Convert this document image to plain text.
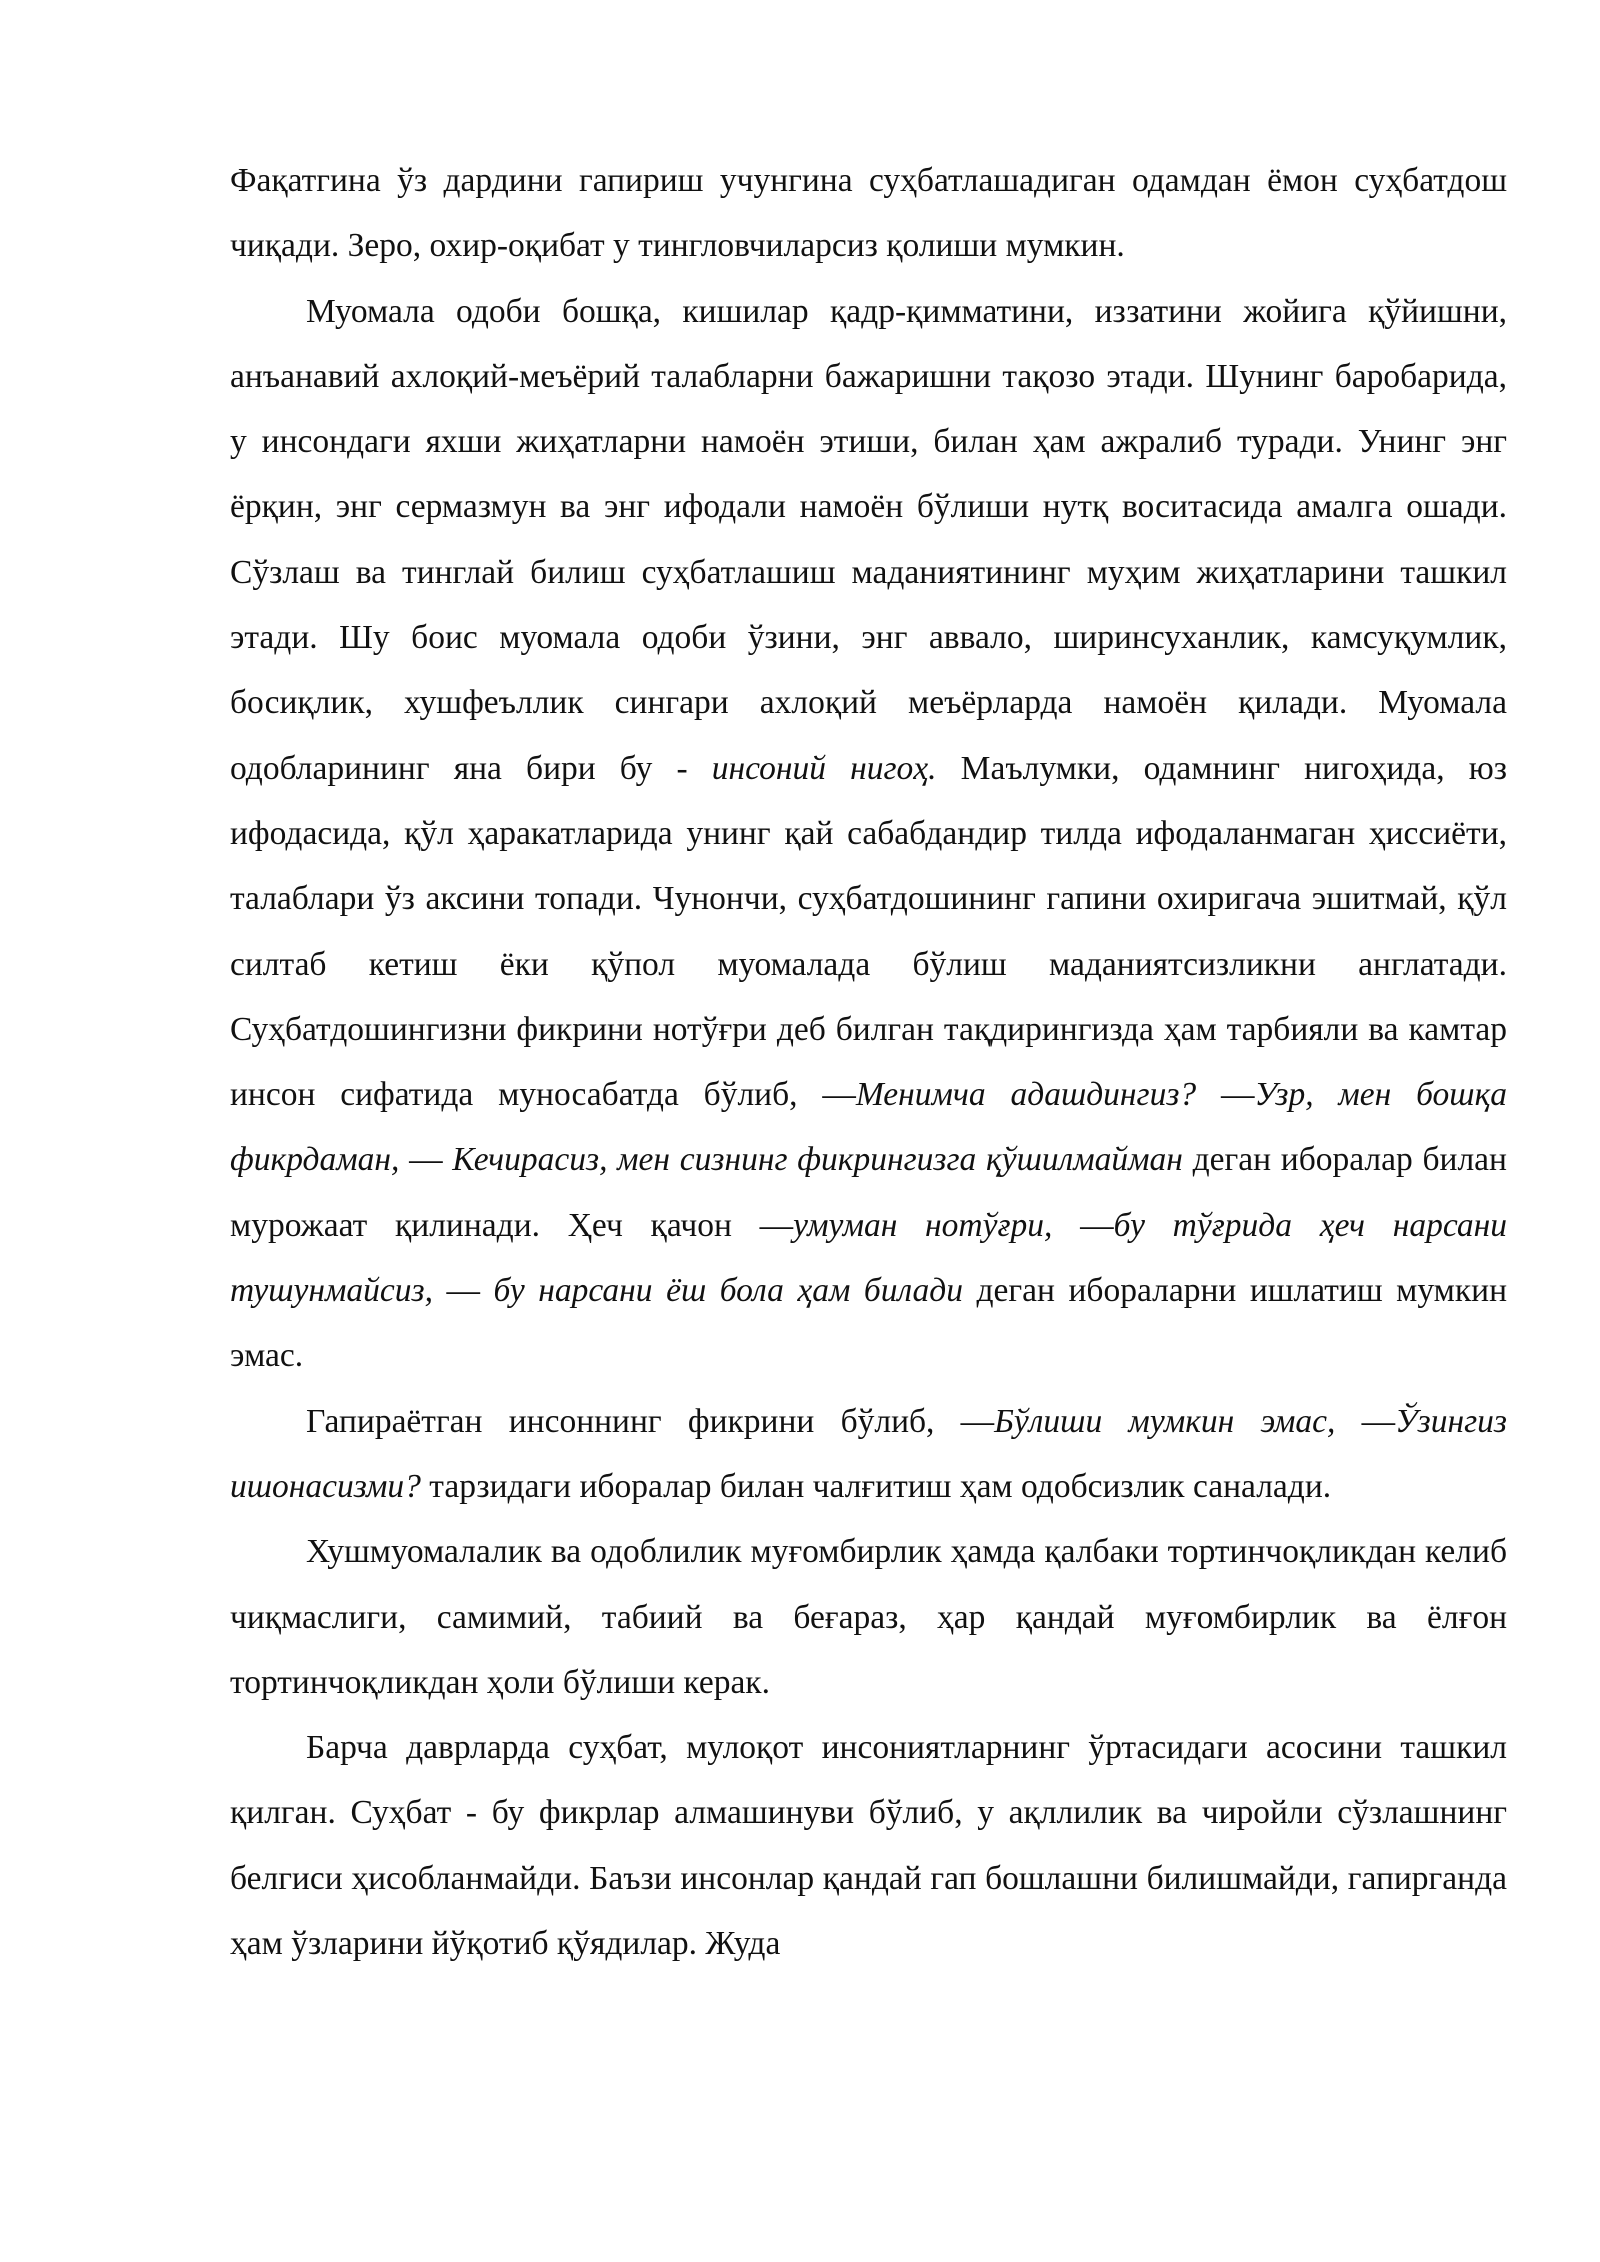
Фақатгина ўз дардини гапириш учунгина суҳбатлашадиган одамдан ёмон суҳбатдош чиқади. Зеро, охир-оқибат у тингловчиларсиз қолиши мумкин.

Муомала одоби бошқа, кишилар қадр-қимматини, иззатини жойига қўйишни, анъанавий ахлоқий-меъёрий талабларни бажаришни тақозо этади. Шунинг баробарида, у инсондаги яхши жиҳатларни намоён этиши, билан ҳам ажралиб туради. Унинг энг ёрқин, энг сермазмун ва энг ифодали намоён бўлиши нутқ воситасида амалга ошади. Сўзлаш ва тинглай билиш суҳбатлашиш маданиятининг муҳим жиҳатларини ташкил этади. Шу боис муомала одоби ўзини, энг аввало, ширинсуханлик, камсуқумлик, босиқлик, хушфеъллик сингари ахлоқий меъёрларда намоён қилади. Муомала одобларининг яна бири бу - инсоний нигоҳ. Маълумки, одамнинг нигоҳида, юз ифодасида, қўл ҳаракатларида унинг қай сабабдандир тилда ифодаланмаган ҳиссиёти, талаблари ўз аксини топади. Чунончи, суҳбатдошининг гапини охиригача эшитмай, қўл силтаб кетиш ёки қўпол муомалада бўлиш маданиятсизликни англатади. Суҳбатдошингизни фикрини нотўғри деб билган тақдирингизда ҳам тарбияли ва камтар инсон сифатида муносабатда бўлиб, ―Менимча адашдингиз? ―Узр, мен бошқа фикрдаман, ― Кечирасиз, мен сизнинг фикрингизга қўшилмайман деган иборалар билан мурожаат қилинади. Ҳеч қачон ―умуман нотўғри, ―бу тўғрида ҳеч нарсани тушунмайсиз, ― бу нарсани ёш бола ҳам билади деган ибораларни ишлатиш мумкин эмас.

Гапираётган инсоннинг фикрини бўлиб, ―Бўлиши мумкин эмас, ―Ўзингиз ишонасизми? тарзидаги иборалар билан чалғитиш ҳам одобсизлик саналади.

Хушмуомалалик ва одоблилик муғомбирлик ҳамда қалбаки тортинчоқликдан келиб чиқмаслиги, самимий, табиий ва беғараз, ҳар қандай муғомбирлик ва ёлғон тортинчоқликдан ҳоли бўлиши керак.

Барча даврларда суҳбат, мулоқот инсониятларнинг ўртасидаги асосини ташкил қилган. Суҳбат - бу фикрлар алмашинуви бўлиб, у ақллилик ва чиройли сўзлашнинг белгиси ҳисобланмайди. Баъзи инсонлар қандай гап бошлашни билишмайди, гапирганда ҳам ўзларини йўқотиб қўядилар. Жуда
